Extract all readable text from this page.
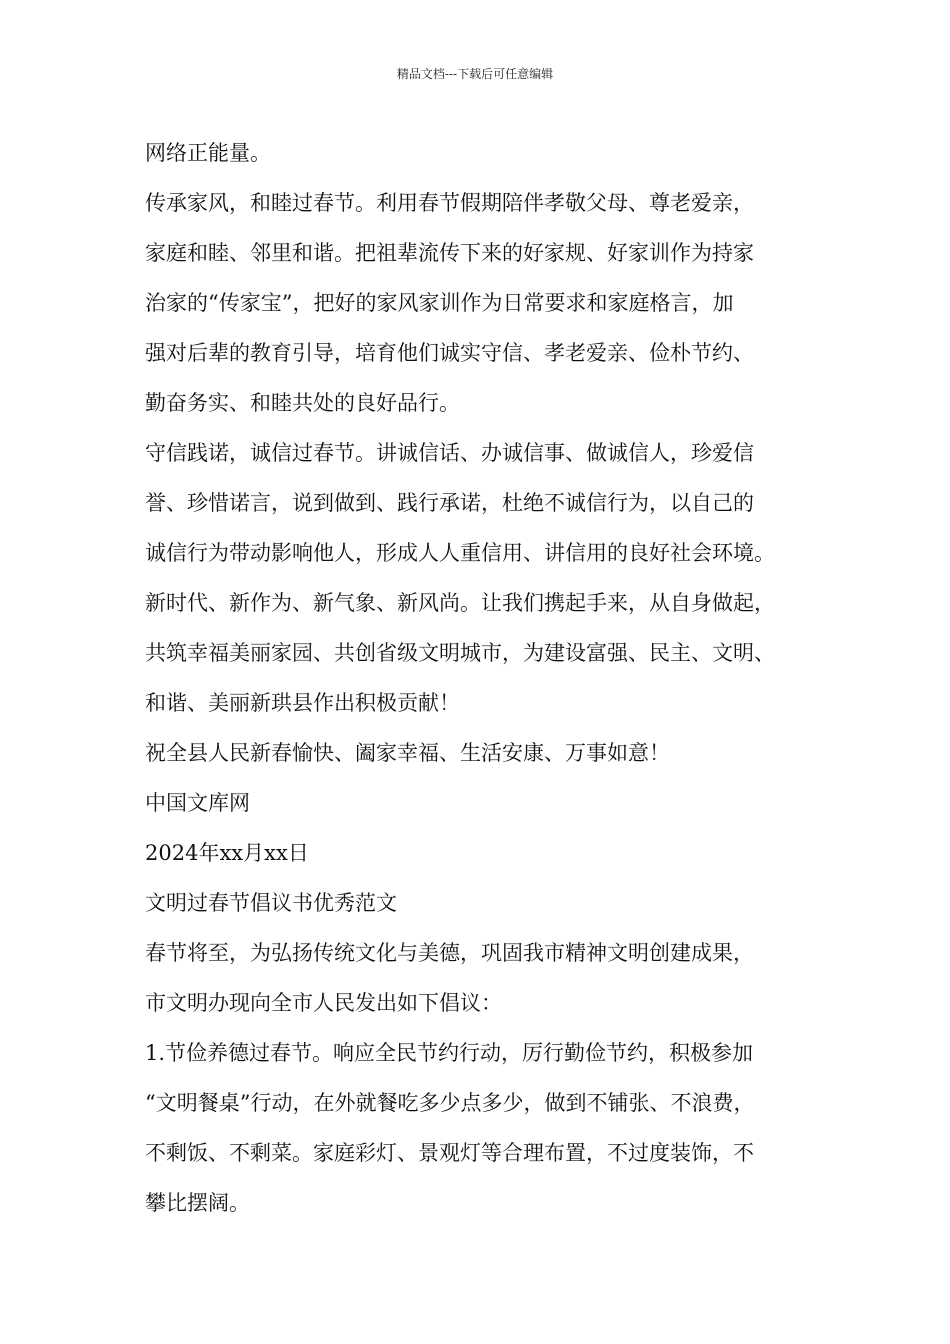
精品文档---下载后可任意编辑
网络正能量。
传承家风，和睦过春节。利用春节假期陪伴孝敬父母、尊老爱亲，
家庭和睦、邻里和谐。把祖辈流传下来的好家规、好家训作为持家
治家的“传家宝”，把好的家风家训作为日常要求和家庭格言，加
强对后辈的教育引导，培育他们诚实守信、孝老爱亲、俭朴节约、
勤奋务实、和睦共处的良好品行。
守信践诺，诚信过春节。讲诚信话、办诚信事、做诚信人，珍爱信
誉、珍惜诺言，说到做到、践行承诺，杜绝不诚信行为，以自己的
诚信行为带动影响他人，形成人人重信用、讲信用的良好社会环境。
新时代、新作为、新气象、新风尚。让我们携起手来，从自身做起，
共筑幸福美丽家园、共创省级文明城市，为建设富强、民主、文明、
和谐、美丽新珙县作出积极贡献！
祝全县人民新春愉快、阖家幸福、生活安康、万事如意！
中国文库网
2024年xx月xx日
文明过春节倡议书优秀范文
春节将至，为弘扬传统文化与美德，巩固我市精神文明创建成果，
市文明办现向全市人民发出如下倡议：
1.节俭养德过春节。响应全民节约行动，厉行勤俭节约，积极参加
“文明餐桌”行动，在外就餐吃多少点多少，做到不铺张、不浪费，
不剩饭、不剩菜。家庭彩灯、景观灯等合理布置，不过度装饰，不
攀比摆阔。
